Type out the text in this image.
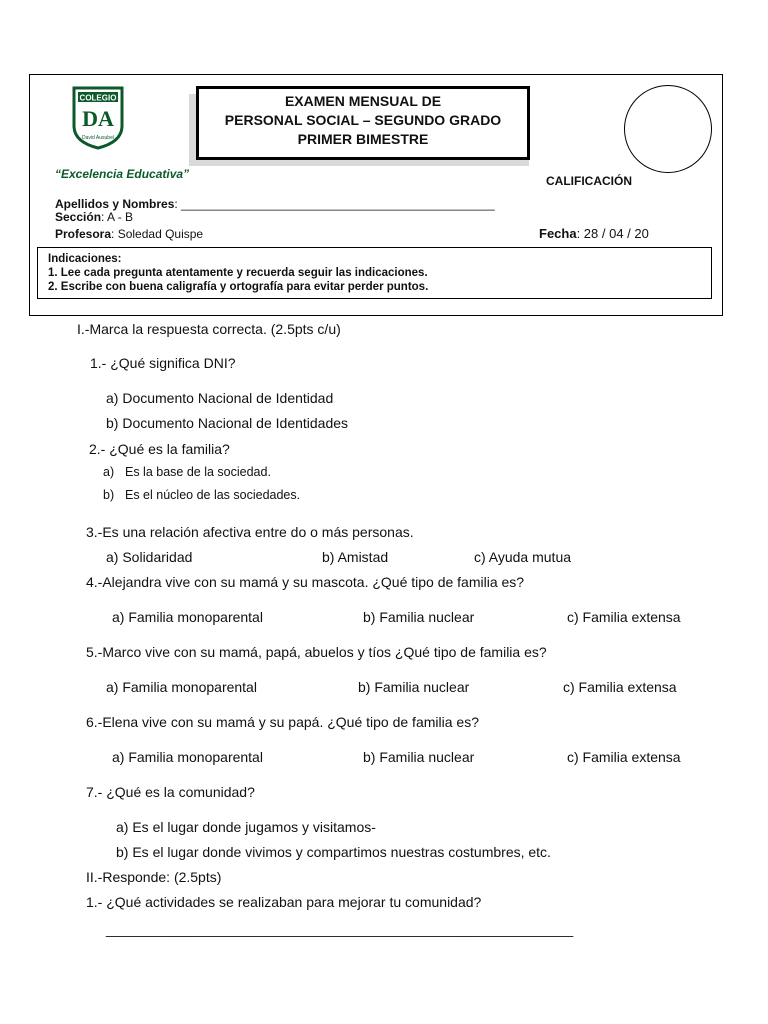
COLEGIO
DA
David Ausubel
EXAMEN MENSUAL DE
PERSONAL SOCIAL – SEGUNDO GRADO
PRIMER BIMESTRE
“Excelencia Educativa”	CALIFICACIÓN
Apellidos y Nombres: _______________________________________________
Sección: A - B
Profesora: Soledad Quispe	Fecha: 28 / 04 / 20
Indicaciones:
1. Lee cada pregunta atentamente y recuerda seguir las indicaciones.
2. Escribe con buena caligrafía y ortografía para evitar perder puntos.
I.-Marca la respuesta correcta. (2.5pts c/u)
1.- ¿Qué significa DNI?
a) Documento Nacional de Identidad
b) Documento Nacional de Identidades
2.- ¿Qué es la familia?
a) Es la base de la sociedad.
b) Es el núcleo de las sociedades.
3.-Es una relación afectiva entre do o más personas.
a) Solidaridad	b) Amistad	c) Ayuda mutua
4.-Alejandra vive con su mamá y su mascota. ¿Qué tipo de familia es?
a) Familia monoparental	b) Familia nuclear	c) Familia extensa
5.-Marco vive con su mamá, papá, abuelos y tíos ¿Qué tipo de familia es?
a) Familia monoparental	b) Familia nuclear	c) Familia extensa
6.-Elena vive con su mamá y su papá. ¿Qué tipo de familia es?
a) Familia monoparental	b) Familia nuclear	c) Familia extensa
7.- ¿Qué es la comunidad?
a) Es el lugar donde jugamos y visitamos-
b) Es el lugar donde vivimos y compartimos nuestras costumbres, etc.
II.-Responde: (2.5pts)
1.- ¿Qué actividades se realizaban para mejorar tu comunidad?
____________________________________________________________
